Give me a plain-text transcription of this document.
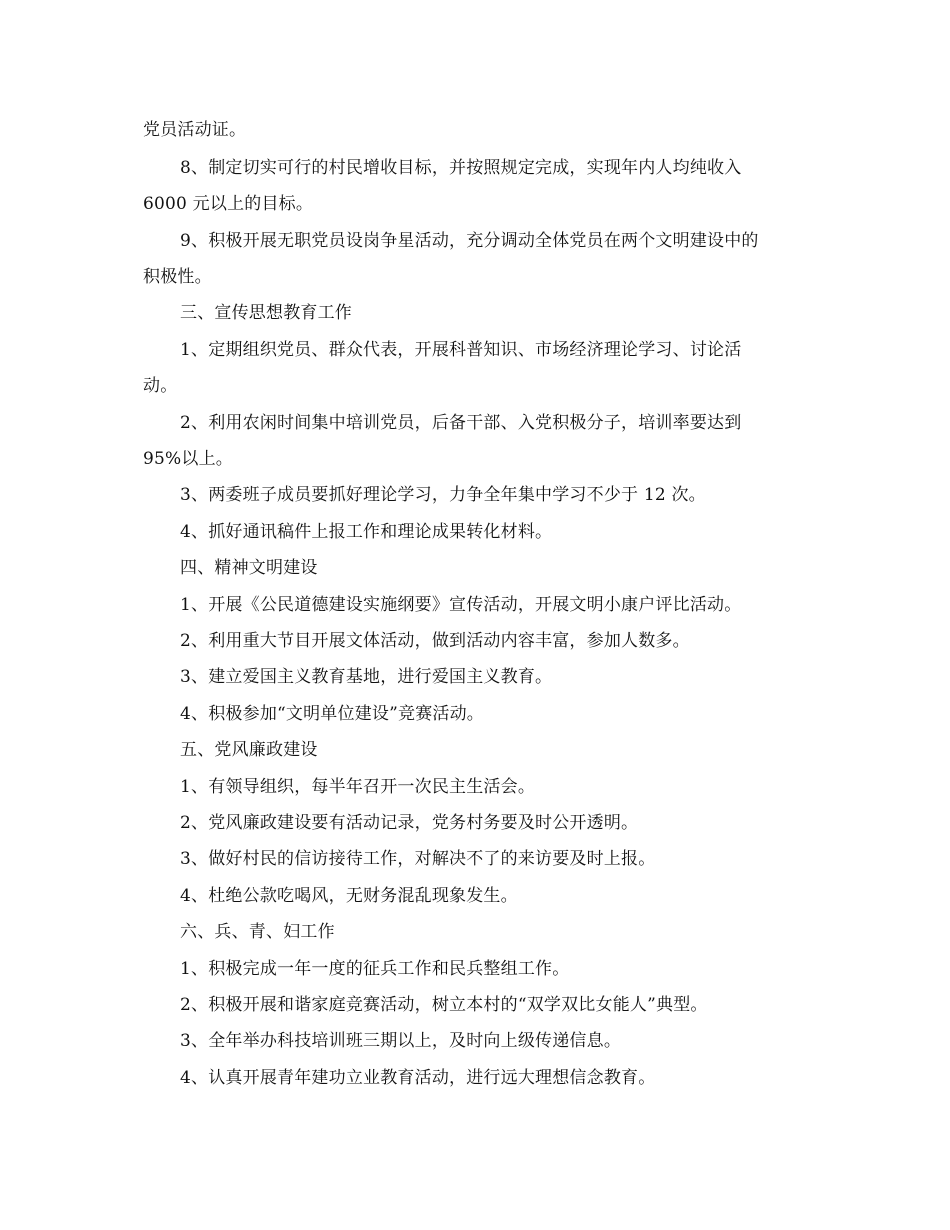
党员活动证。
8、制定切实可行的村民增收目标，并按照规定完成，实现年内人均纯收入
6000 元以上的目标。
9、积极开展无职党员设岗争星活动，充分调动全体党员在两个文明建设中的
积极性。
三、宣传思想教育工作
1、定期组织党员、群众代表，开展科普知识、市场经济理论学习、讨论活
动。
2、利用农闲时间集中培训党员，后备干部、入党积极分子，培训率要达到
95%以上。
3、两委班子成员要抓好理论学习，力争全年集中学习不少于 12 次。
4、抓好通讯稿件上报工作和理论成果转化材料。
四、精神文明建设
1、开展《公民道德建设实施纲要》宣传活动，开展文明小康户评比活动。
2、利用重大节目开展文体活动，做到活动内容丰富，参加人数多。
3、建立爱国主义教育基地，进行爱国主义教育。
4、积极参加“文明单位建设”竞赛活动。
五、党风廉政建设
1、有领导组织，每半年召开一次民主生活会。
2、党风廉政建设要有活动记录，党务村务要及时公开透明。
3、做好村民的信访接待工作，对解决不了的来访要及时上报。
4、杜绝公款吃喝风，无财务混乱现象发生。
六、兵、青、妇工作
1、积极完成一年一度的征兵工作和民兵整组工作。
2、积极开展和谐家庭竞赛活动，树立本村的“双学双比女能人”典型。
3、全年举办科技培训班三期以上，及时向上级传递信息。
4、认真开展青年建功立业教育活动，进行远大理想信念教育。
